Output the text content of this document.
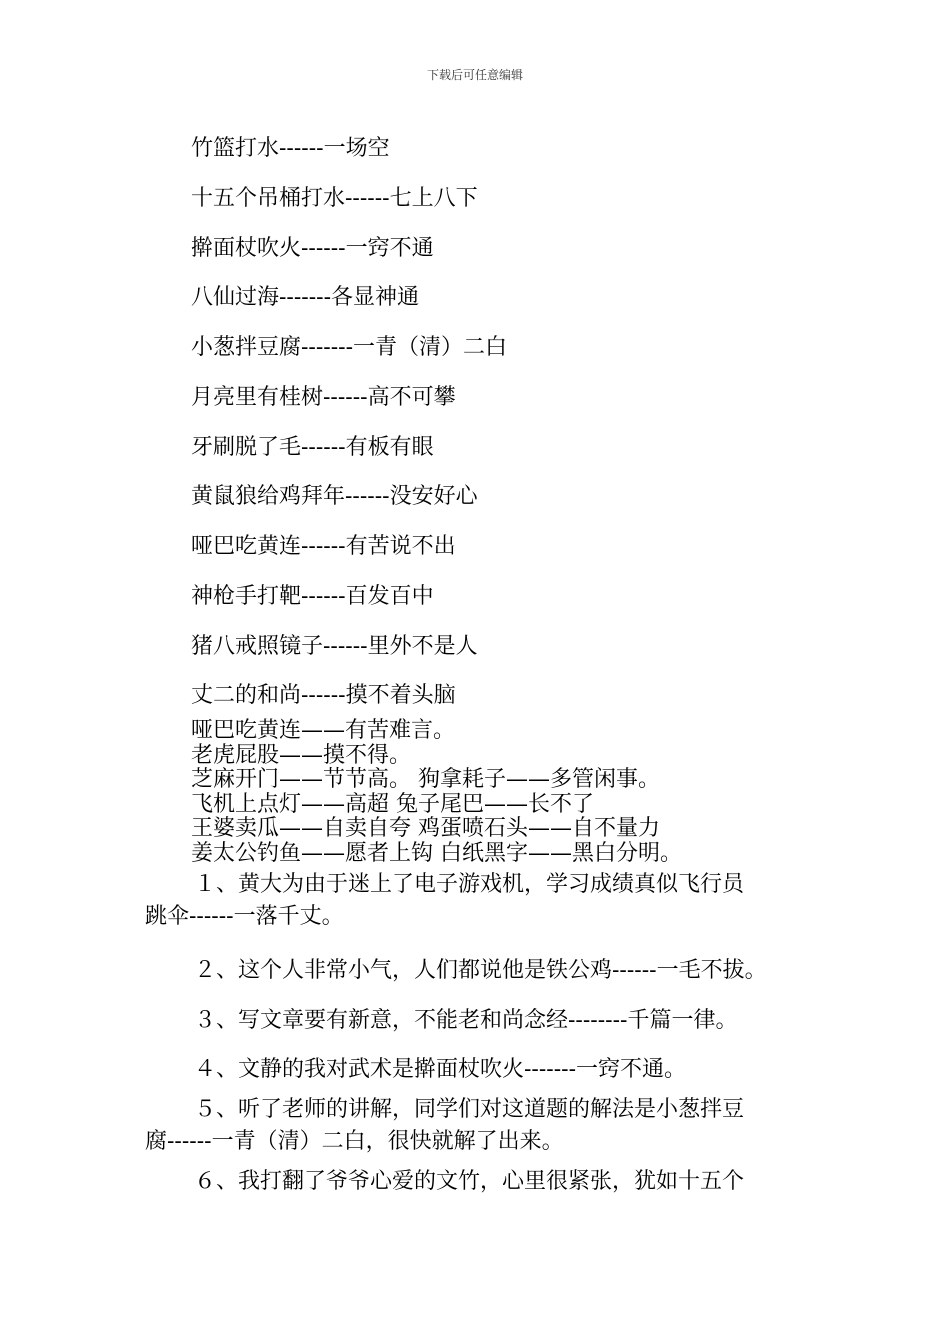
下载后可任意编辑
竹篮打水------一场空
十五个吊桶打水------七上八下
擀面杖吹火------一窍不通
八仙过海-------各显神通
小葱拌豆腐-------一青（清）二白
月亮里有桂树------高不可攀
牙刷脱了毛------有板有眼
黄鼠狼给鸡拜年------没安好心
哑巴吃黄连------有苦说不出
神枪手打靶------百发百中
猪八戒照镜子------里外不是人
丈二的和尚------摸不着头脑
哑巴吃黄连——有苦难言。
老虎屁股——摸不得。
芝麻开门——节节高。 狗拿耗子——多管闲事。
飞机上点灯——高超 兔子尾巴——长不了
王婆卖瓜——自卖自夸 鸡蛋喷石头——自不量力
姜太公钓鱼——愿者上钩 白纸黑字——黑白分明。
１、黄大为由于迷上了电子游戏机，学习成绩真似飞行员
跳伞------一落千丈。
２、这个人非常小气，人们都说他是铁公鸡------一毛不拔。
３、写文章要有新意，不能老和尚念经--------千篇一律。
４、文静的我对武术是擀面杖吹火-------一窍不通。
５、听了老师的讲解，同学们对这道题的解法是小葱拌豆
腐------一青（清）二白，很快就解了出来。
６、我打翻了爷爷心爱的文竹，心里很紧张，犹如十五个
